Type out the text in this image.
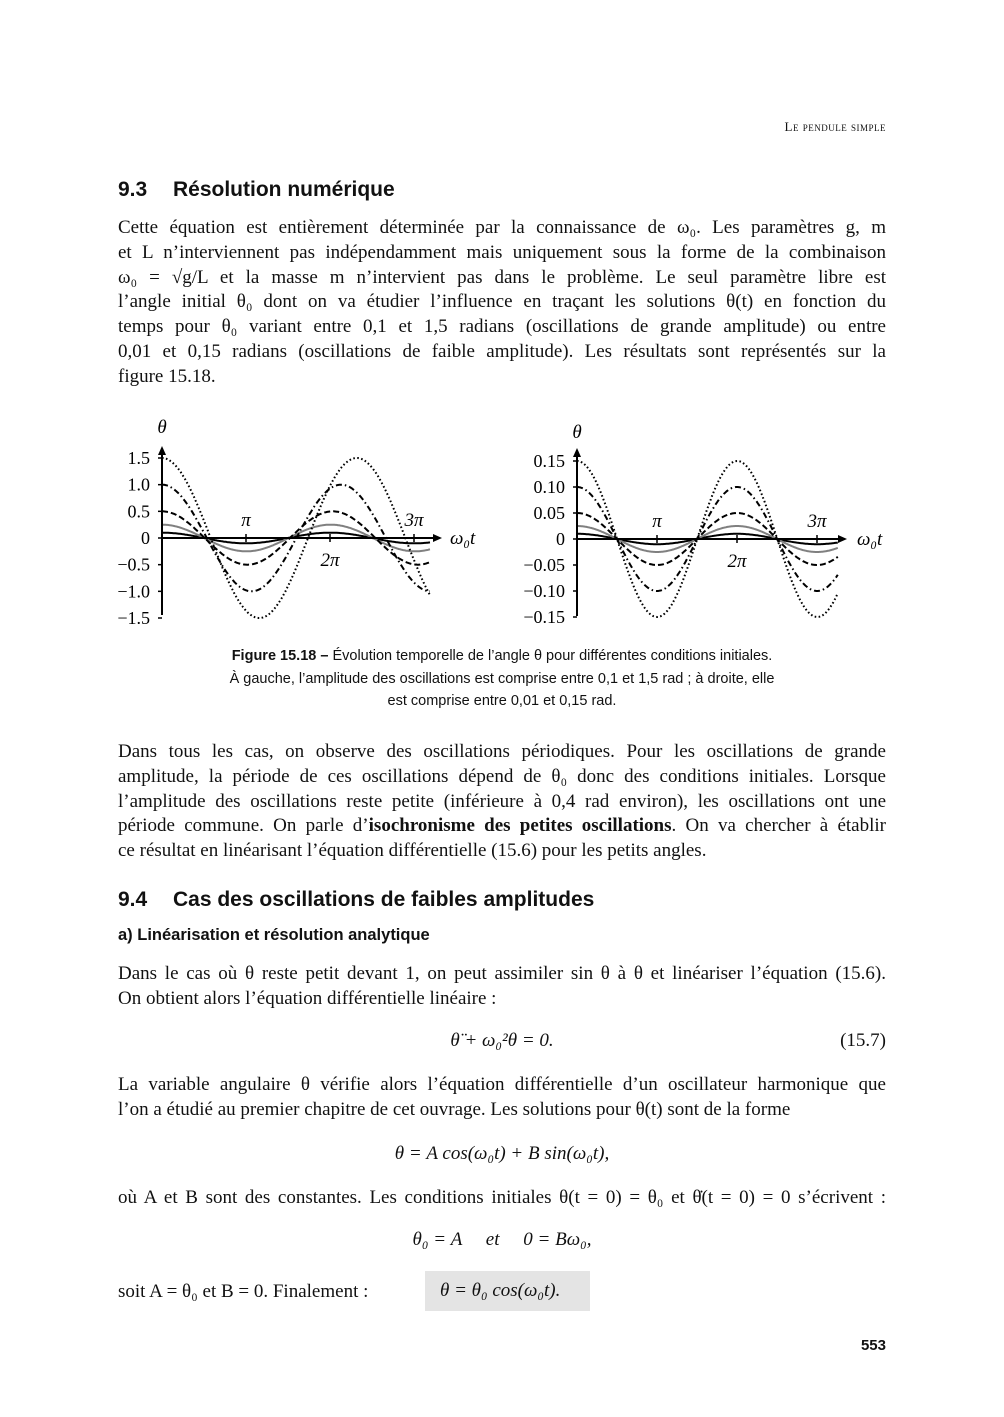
Le pendule simple
9.3 Résolution numérique
Cette équation est entièrement déterminée par la connaissance de ω₀. Les paramètres g, m
et L n’interviennent pas indépendamment mais uniquement sous la forme de la combinaison
ω₀ = √g/L et la masse m n’intervient pas dans le problème. Le seul paramètre libre est
l’angle initial θ₀ dont on va étudier l’influence en traçant les solutions θ(t) en fonction du
temps pour θ₀ variant entre 0,1 et 1,5 radians (oscillations de grande amplitude) ou entre
0,01 et 0,15 radians (oscillations de faible amplitude). Les résultats sont représentés sur la
figure 15.18.
θ
ω₀t
1.5
1.0
0.5
0
−0.5
−1.0
−1.5
π
2π
3π
θ
ω₀t
0.15
0.10
0.05
0
−0.05
−0.10
−0.15
π
2π
3π
Figure 15.18 – Évolution temporelle de l’angle θ pour différentes conditions initiales.
À gauche, l’amplitude des oscillations est comprise entre 0,1 et 1,5 rad ; à droite, elle
est comprise entre 0,01 et 0,15 rad.
Dans tous les cas, on observe des oscillations périodiques. Pour les oscillations de grande
amplitude, la période de ces oscillations dépend de θ₀ donc des conditions initiales. Lorsque
l’amplitude des oscillations reste petite (inférieure à 0,4 rad environ), les oscillations ont une
période commune. On parle d’isochronisme des petites oscillations. On va chercher à établir
ce résultat en linéarisant l’équation différentielle (15.6) pour les petits angles.
9.4 Cas des oscillations de faibles amplitudes
a) Linéarisation et résolution analytique
Dans le cas où θ reste petit devant 1, on peut assimiler sin θ à θ et linéariser l’équation (15.6).
On obtient alors l’équation différentielle linéaire :
θ̈ + ω₀²θ = 0.	(15.7)
La variable angulaire θ vérifie alors l’équation différentielle d’un oscillateur harmonique que
l’on a étudié au premier chapitre de cet ouvrage. Les solutions pour θ(t) sont de la forme
θ = A cos(ω₀t) + B sin(ω₀t),
où A et B sont des constantes. Les conditions initiales θ(t = 0) = θ₀ et θ̇(t = 0) = 0 s’écrivent :
θ₀ = A     et     0 = Bω₀,
soit A = θ₀ et B = 0. Finalement :	θ = θ₀ cos(ω₀t).
553
